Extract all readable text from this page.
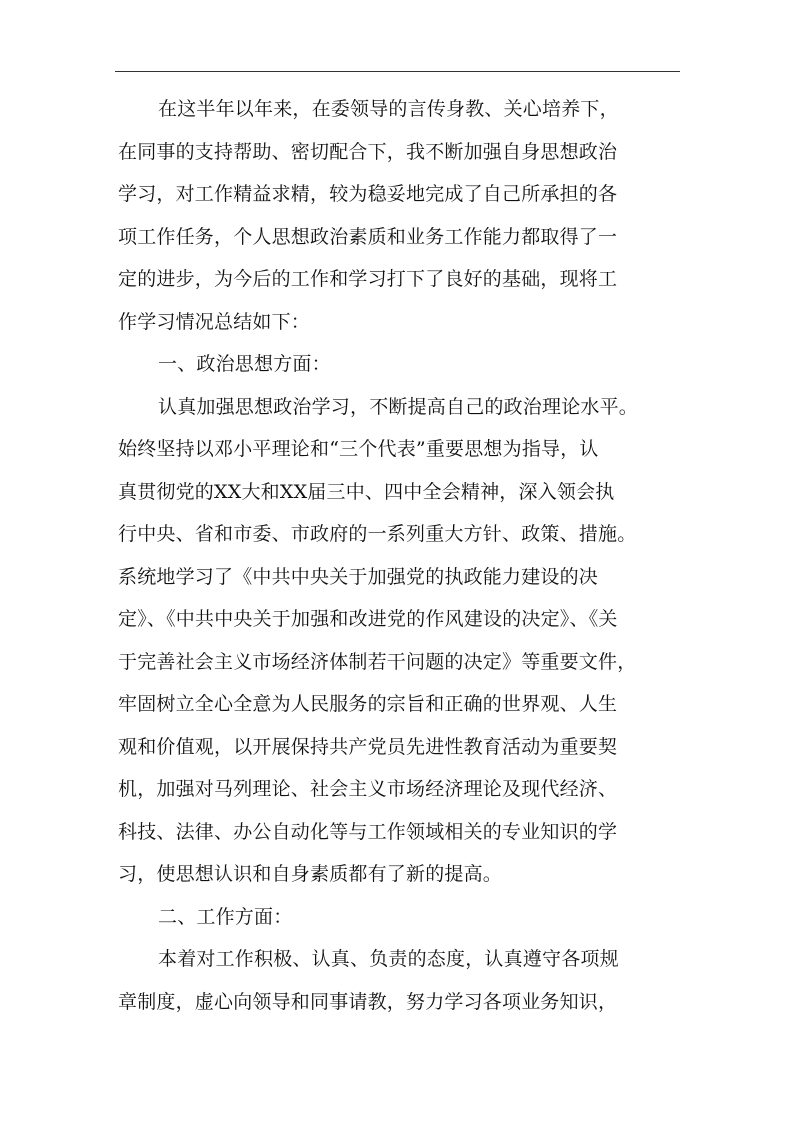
在这半年以年来，在委领导的言传身教、关心培养下，
在同事的支持帮助、密切配合下，我不断加强自身思想政治
学习，对工作精益求精，较为稳妥地完成了自己所承担的各
项工作任务，个人思想政治素质和业务工作能力都取得了一
定的进步，为今后的工作和学习打下了良好的基础，现将工
作学习情况总结如下：
一、政治思想方面：
认真加强思想政治学习，不断提高自己的政治理论水平。
始终坚持以邓小平理论和“三个代表”重要思想为指导，认
真贯彻党的XX大和XX届三中、四中全会精神，深入领会执
行中央、省和市委、市政府的一系列重大方针、政策、措施。
系统地学习了《中共中央关于加强党的执政能力建设的决
定》、《中共中央关于加强和改进党的作风建设的决定》、《关
于完善社会主义市场经济体制若干问题的决定》等重要文件，
牢固树立全心全意为人民服务的宗旨和正确的世界观、人生
观和价值观，以开展保持共产党员先进性教育活动为重要契
机，加强对马列理论、社会主义市场经济理论及现代经济、
科技、法律、办公自动化等与工作领域相关的专业知识的学
习，使思想认识和自身素质都有了新的提高。
二、工作方面：
本着对工作积极、认真、负责的态度，认真遵守各项规
章制度，虚心向领导和同事请教，努力学习各项业务知识，
